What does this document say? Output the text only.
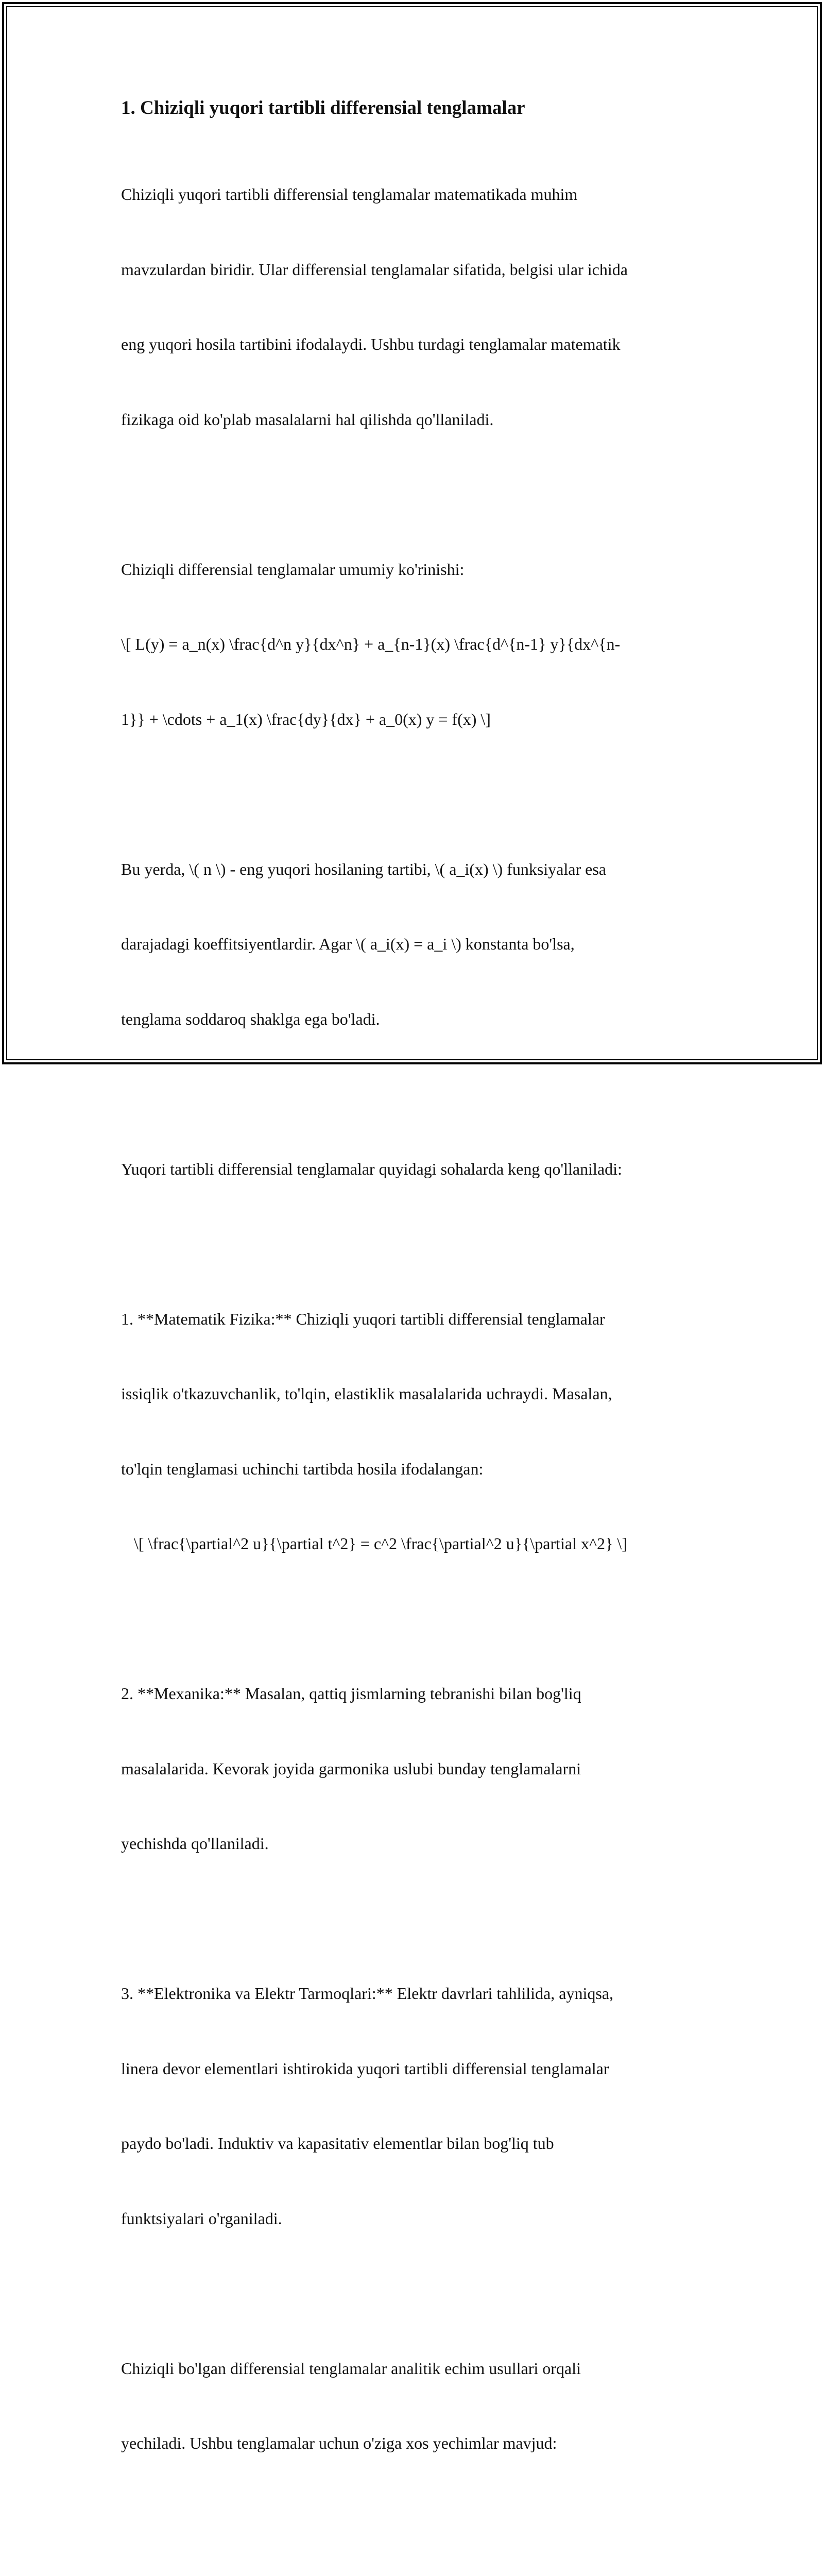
1. Chiziqli yuqori tartibli differensial tenglamalar

Chiziqli yuqori tartibli differensial tenglamalar matematikada muhim

mavzulardan biridir. Ular differensial tenglamalar sifatida, belgisi ular ichida

eng yuqori hosila tartibini ifodalaydi. Ushbu turdagi tenglamalar matematik

fizikaga oid ko'plab masalalarni hal qilishda qo'llaniladi.

Chiziqli differensial tenglamalar umumiy ko'rinishi:

\[ L(y) = a_n(x) \frac{d^n y}{dx^n} + a_{n-1}(x) \frac{d^{n-1} y}{dx^{n-

1}} + \cdots + a_1(x) \frac{dy}{dx} + a_0(x) y = f(x) \]

Bu yerda, \( n \) - eng yuqori hosilaning tartibi, \( a_i(x) \) funksiyalar esa

darajadagi koeffitsiyentlardir. Agar \( a_i(x) = a_i \) konstanta bo'lsa,

tenglama soddaroq shaklga ega bo'ladi.

Yuqori tartibli differensial tenglamalar quyidagi sohalarda keng qo'llaniladi:

1. **Matematik Fizika:** Chiziqli yuqori tartibli differensial tenglamalar

issiqlik o'tkazuvchanlik, to'lqin, elastiklik masalalarida uchraydi. Masalan,

to'lqin tenglamasi uchinchi tartibda hosila ifodalangan:

\[ \frac{\partial^2 u}{\partial t^2} = c^2 \frac{\partial^2 u}{\partial x^2} \]

2. **Mexanika:** Masalan, qattiq jismlarning tebranishi bilan bog'liq

masalalarida. Kevorak joyida garmonika uslubi bunday tenglamalarni

yechishda qo'llaniladi.

3. **Elektronika va Elektr Tarmoqlari:** Elektr davrlari tahlilida, ayniqsa,

linera devor elementlari ishtirokida yuqori tartibli differensial tenglamalar

paydo bo'ladi. Induktiv va kapasitativ elementlar bilan bog'liq tub

funktsiyalari o'rganiladi.

Chiziqli bo'lgan differensial tenglamalar analitik echim usullari orqali

yechiladi. Ushbu tenglamalar uchun o'ziga xos yechimlar mavjud:
